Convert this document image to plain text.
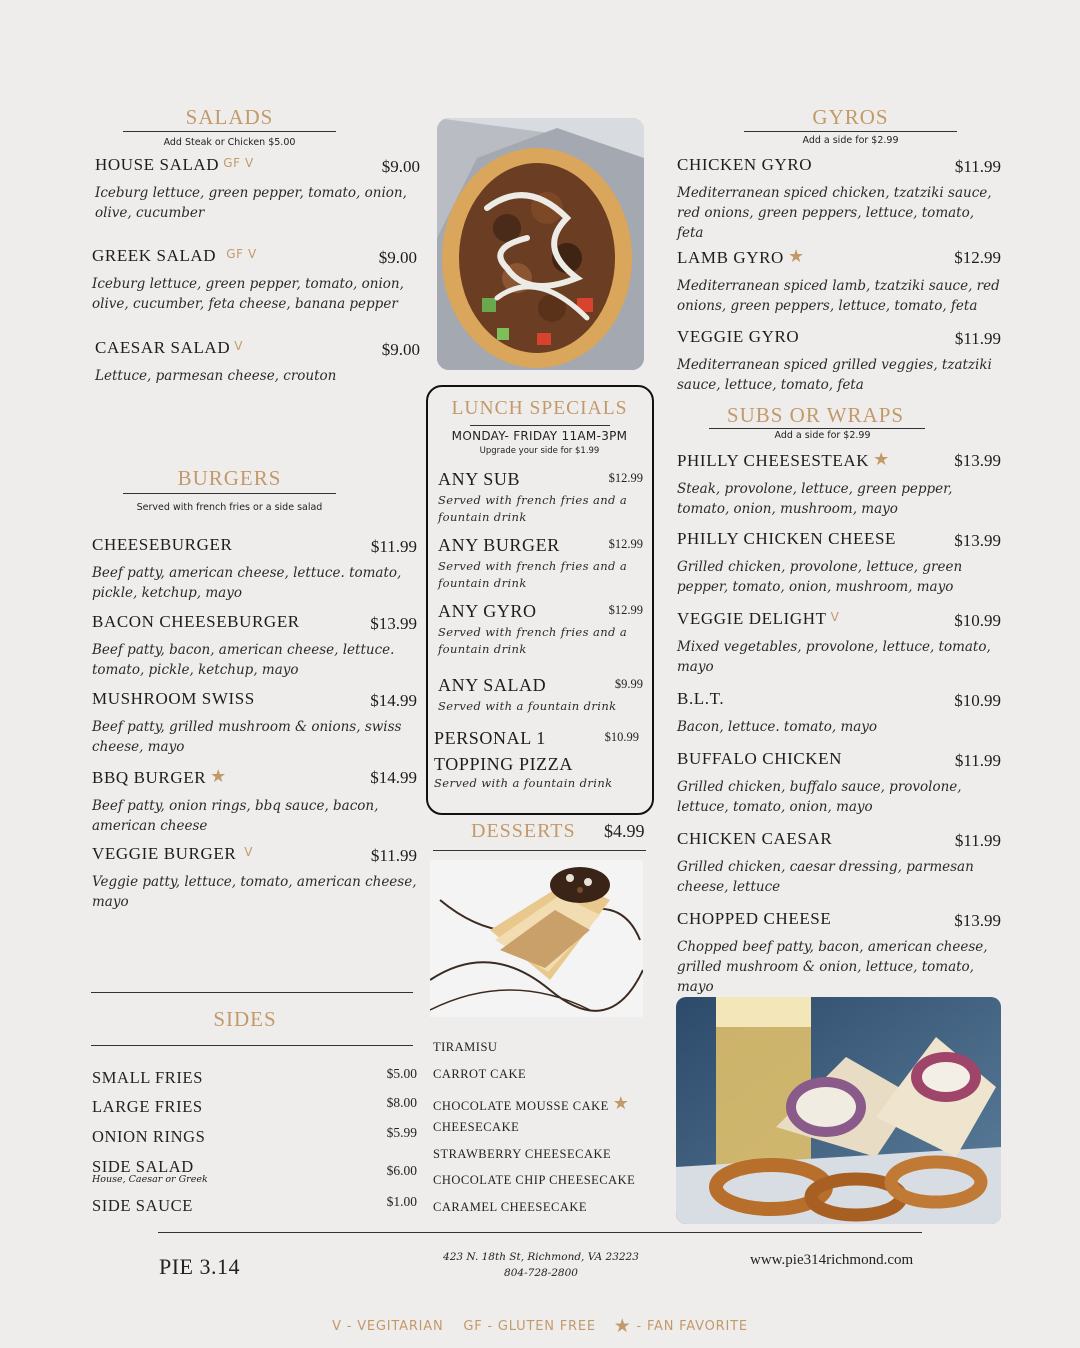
SALADS
Add Steak or Chicken $5.00
HOUSE SALAD GF V	$9.00
Iceburg lettuce, green pepper, tomato, onion, olive, cucumber
GREEK SALAD GF V	$9.00
Iceburg lettuce, green pepper, tomato, onion, olive, cucumber, feta cheese, banana pepper
CAESAR SALAD V	$9.00
Lettuce, parmesan cheese, crouton
BURGERS
Served with french fries or a side salad
CHEESEBURGER	$11.99
Beef patty, american cheese, lettuce. tomato, pickle, ketchup, mayo
BACON CHEESEBURGER	$13.99
Beef patty, bacon, american cheese, lettuce. tomato, pickle, ketchup, mayo
MUSHROOM SWISS	$14.99
Beef patty, grilled mushroom & onions, swiss cheese, mayo
BBQ BURGER ★	$14.99
Beef patty, onion rings, bbq sauce, bacon, american cheese
VEGGIE BURGER V	$11.99
Veggie patty, lettuce, tomato, american cheese, mayo
SIDES
SMALL FRIES	$5.00
LARGE FRIES	$8.00
ONION RINGS	$5.99
SIDE SALAD
House, Caesar or Greek
$6.00
SIDE SAUCE	$1.00
LUNCH SPECIALS
MONDAY- FRIDAY 11AM-3PM
Upgrade your side for $1.99
ANY SUB	$12.99
Served with french fries and a fountain drink
ANY BURGER	$12.99
Served with french fries and a fountain drink
ANY GYRO	$12.99
Served with french fries and a fountain drink
ANY SALAD	$9.99
Served with a fountain drink
PERSONAL 1
TOPPING PIZZA
$10.99
Served with a fountain drink
DESSERTS $4.99
TIRAMISU
CARROT CAKE
CHOCOLATE MOUSSE CAKE ★
CHEESECAKE
STRAWBERRY CHEESECAKE
CHOCOLATE CHIP CHEESECAKE
CARAMEL CHEESECAKE
GYROS
Add a side for $2.99
CHICKEN GYRO	$11.99
Mediterranean spiced chicken, tzatziki sauce, red onions, green peppers, lettuce, tomato, feta
LAMB GYRO ★	$12.99
Mediterranean spiced lamb, tzatziki sauce, red onions, green peppers, lettuce, tomato, feta
VEGGIE GYRO	$11.99
Mediterranean spiced grilled veggies, tzatziki sauce, lettuce, tomato, feta
SUBS OR WRAPS
Add a side for $2.99
PHILLY CHEESESTEAK ★	$13.99
Steak, provolone, lettuce, green pepper, tomato, onion, mushroom, mayo
PHILLY CHICKEN CHEESE	$13.99
Grilled chicken, provolone, lettuce, green pepper, tomato, onion, mushroom, mayo
VEGGIE DELIGHT V	$10.99
Mixed vegetables, provolone, lettuce, tomato, mayo
B.L.T.	$10.99
Bacon, lettuce. tomato, mayo
BUFFALO CHICKEN	$11.99
Grilled chicken, buffalo sauce, provolone, lettuce, tomato, onion, mayo
CHICKEN CAESAR	$11.99
Grilled chicken, caesar dressing, parmesan cheese, lettuce
CHOPPED CHEESE	$13.99
Chopped beef patty, bacon, american cheese, grilled mushroom & onion, lettuce, tomato, mayo
PIE 3.14	423 N. 18th St, Richmond, VA 23223
804-728-2800
www.pie314richmond.com
V - VEGITARIAN GF - GLUTEN FREE ★ - FAN FAVORITE
